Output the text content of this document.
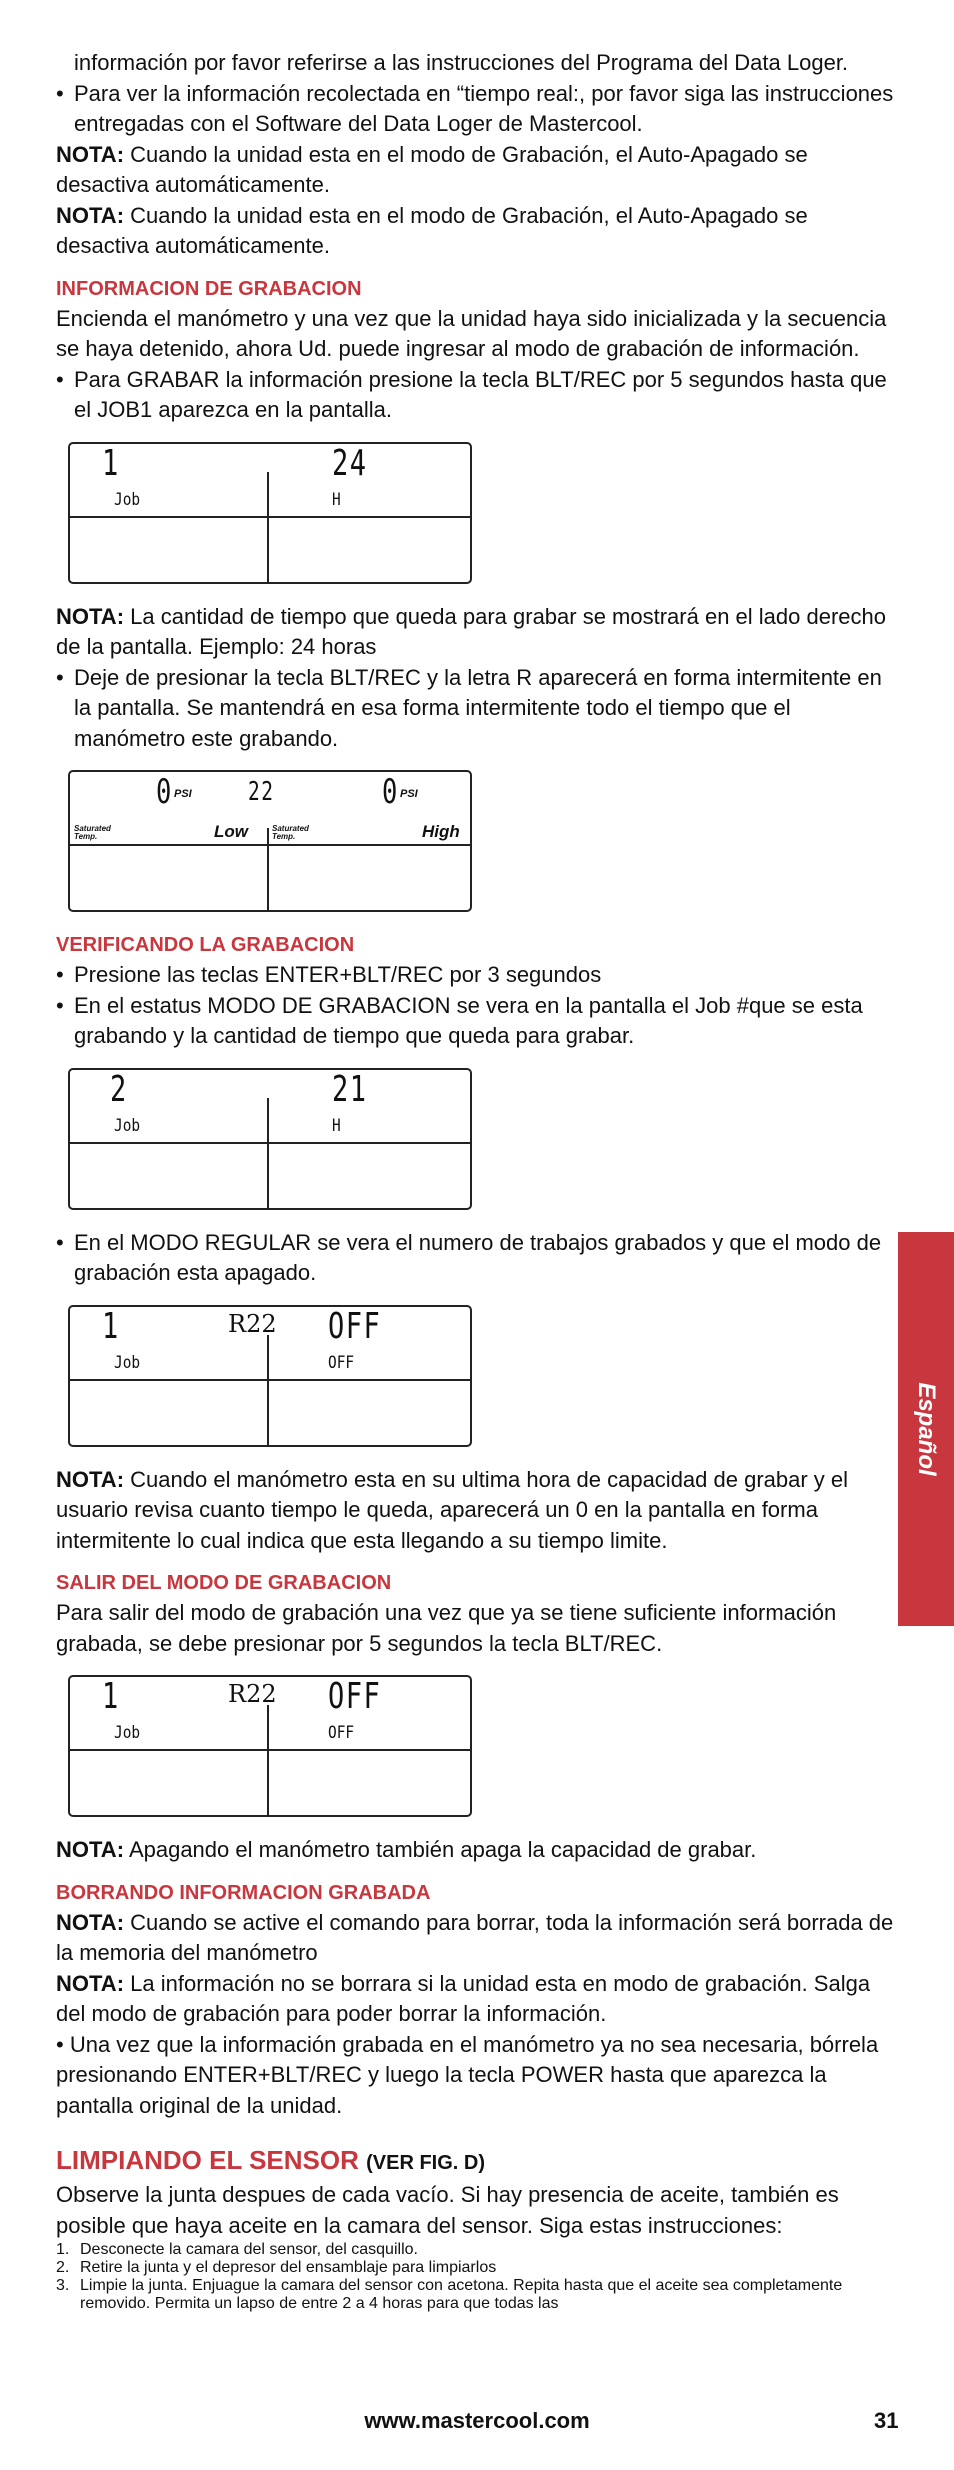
información por favor referirse a las instrucciones del Programa del Data Loger.

• Para ver la información recolectada en “tiempo real:, por favor siga las instrucciones entregadas con el Software del Data Loger de Mastercool.

NOTA: Cuando la unidad esta en el modo de Grabación, el Auto-Apagado se desactiva automáticamente.

NOTA: Cuando la unidad esta en el modo de Grabación, el Auto-Apagado se desactiva automáticamente.

INFORMACION DE GRABACION

Encienda el manómetro y una vez que la unidad haya sido inicializada y la secuencia se haya detenido, ahora Ud. puede ingresar al modo de grabación de información.

• Para GRABAR la información presione la tecla BLT/REC por 5 segundos hasta que el JOB1 aparezca en la pantalla.
1	24
Job	H

NOTA: La cantidad de tiempo que queda para grabar se mostrará en el lado derecho de la pantalla. Ejemplo: 24 horas

• Deje de presionar la tecla BLT/REC y la letra R aparecerá en forma intermitente en la pantalla. Se mantendrá en esa forma intermitente todo el tiempo que el manómetro este grabando.
0 PSI 22	0 PSI
Saturated
Temp.	Low	Saturated
Temp.	High
VERIFICANDO LA GRABACION
• Presione las teclas ENTER+BLT/REC por 3 segundos
• En el estatus MODO DE GRABACION se vera en la pantalla el Job #que se esta grabando y la cantidad de tiempo que queda para grabar.
2	21
Job	H
• En el MODO REGULAR se vera el numero de trabajos grabados y que el modo de grabación esta apagado.
1	R22 OFF
Job	OFF

NOTA: Cuando el manómetro esta en su ultima hora de capacidad de grabar y el usuario revisa cuanto tiempo le queda, aparecerá un 0 en la pantalla en forma intermitente lo cual indica que esta llegando a su tiempo limite.

SALIR DEL MODO DE GRABACION

Para salir del modo de grabación una vez que ya se tiene suficiente información grabada, se debe presionar por 5 segundos la tecla BLT/REC.

1	R22 OFF
Job	OFF

NOTA: Apagando el manómetro también apaga la capacidad de grabar.

BORRANDO INFORMACION GRABADA

NOTA: Cuando se active el comando para borrar, toda la información será borrada de la memoria del manómetro

NOTA: La información no se borrara si la unidad esta en modo de grabación. Salga del modo de grabación para poder borrar la información.

• Una vez que la información grabada en el manómetro ya no sea necesaria, bórrela presionando ENTER+BLT/REC y luego la tecla POWER hasta que aparezca la pantalla original de la unidad.

LIMPIANDO EL SENSOR (VER FIG. D)

Observe la junta despues de cada vacío. Si hay presencia de aceite, también es posible que haya aceite en la camara del sensor. Siga estas instrucciones:

1. Desconecte la camara del sensor, del casquillo.
2. Retire la junta y el depresor del ensamblaje para limpiarlos
3. Limpie la junta. Enjuague la camara del sensor con acetona. Repita hasta que el aceite sea completamente removido. Permita un lapso de entre 2 a 4 horas para que todas las
Español
www.mastercool.com	31
